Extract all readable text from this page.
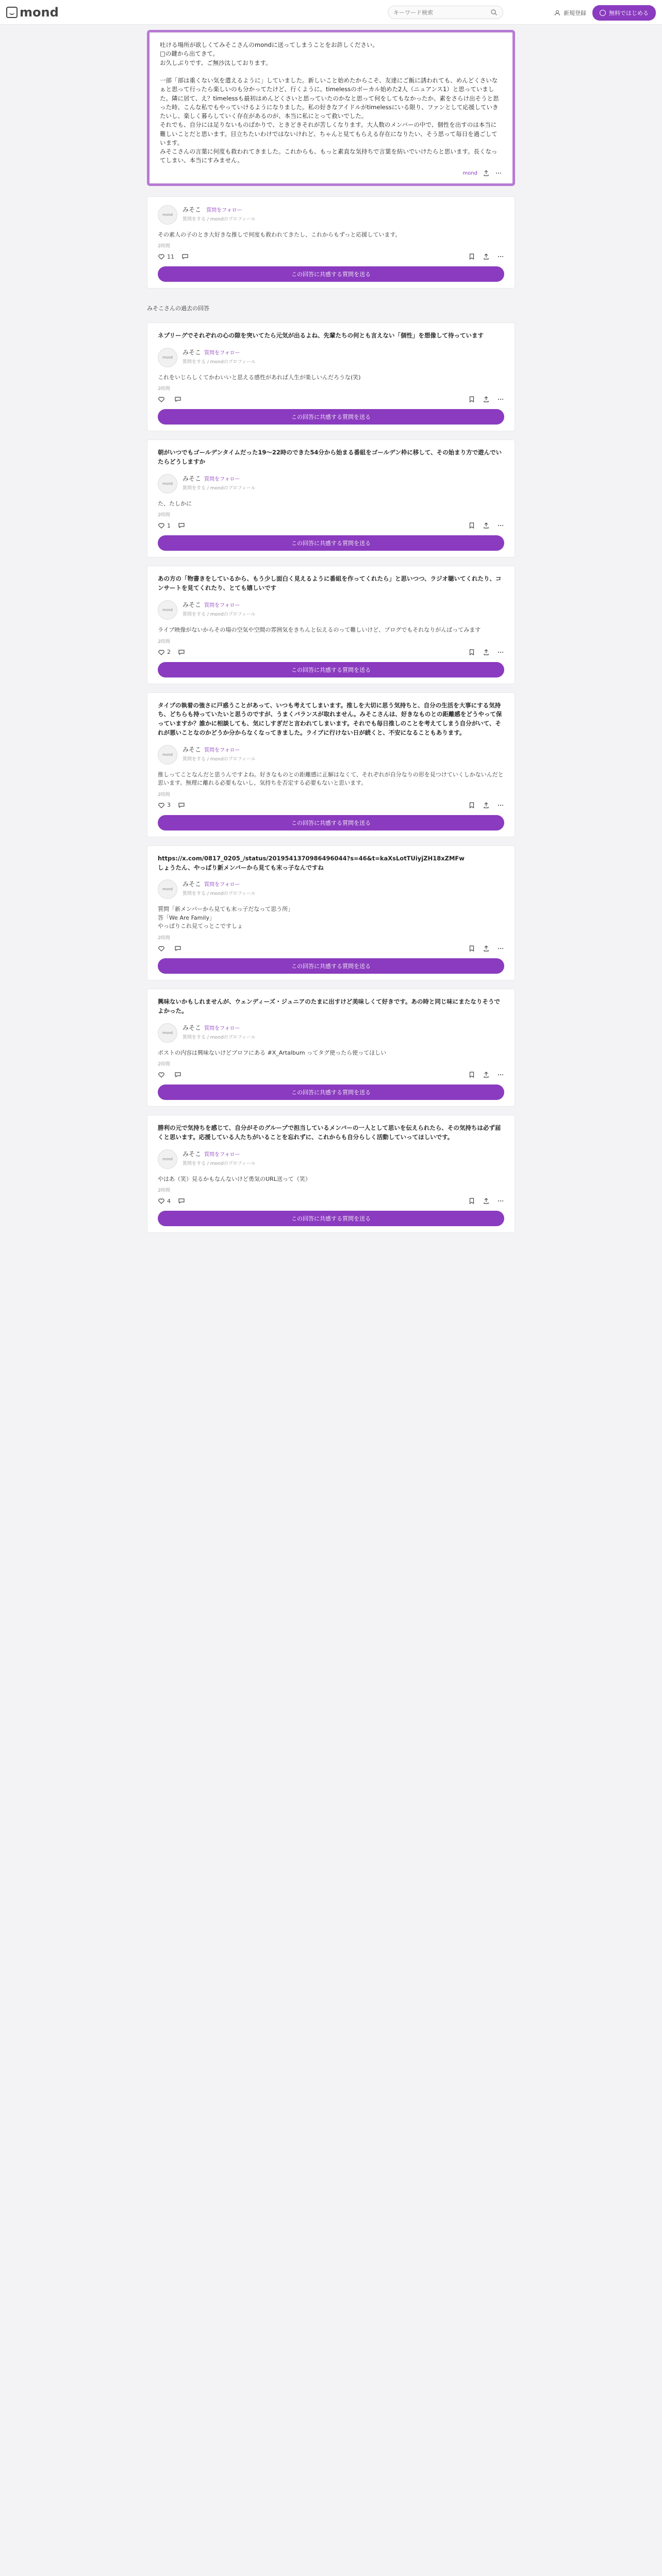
mond
キーワード検索	新規登録	無料ではじめる

吐ける場所が欲しくてみそこさんのmondに送ってしまうことをお許しください。
□の鍵から出てきて。
お久しぶりです、ご無沙汰しております。

一部「部は重くない気を遣えるように」していました。新しいこと始めたからこそ、友達にご飯に誘われても、めんどくさいなぁと思って行ったら楽しいのも分かってたけど、行くように。timelessのボーカル始めた2人（ニュアンス1）と思っていました。隣に居て、え？timelessも最初はめんどくさいと思っていたのかなと思って何をしてもなかったか、素をさらけ出そうと思った時、こんな私でもやっていけるようになりました。私の好きなアイドルがtimelessにいる限り、ファンとして応援していきたいし、楽しく暮らしていく存在があるのが、本当に私にとって救いでした。
それでも、自分には足りないものばかりで、ときどきそれが苦しくなります。大人数のメンバーの中で、個性を出すのは本当に難しいことだと思います。目立ちたいわけではないけれど、ちゃんと見てもらえる存在になりたい、そう思って毎日を過ごしています。
みそこさんの言葉に何度も救われてきました。これからも、もっと素直な気持ちで言葉を紡いでいけたらと思います。長くなってしまい、本当にすみません。

mond
mond
みそこ 質問をフォロー
質問をする / mondのプロフィール
その素人の子のとき大好きな推しで何度も救われてきたし、これからもずっと応援しています。
2時間
11
この回答に共感する質問を送る
みそこさんの過去の回答
ネプリーグでそれぞれの心の隙を突いてたら元気が出るよね、先輩たちの何とも言えない「個性」を想像して待っています
mond
みそこ 質問をフォロー
質問をする / mondのプロフィール
これをいじらしくてかわいいと思える感性があれば人生が楽しいんだろうな(笑)
2時間
この回答に共感する質問を送る
朝がいつでもゴールデンタイムだった19〜22時のできた54分から始まる番組をゴールデン枠に移して、その始まり方で遊んでいたらどうしますか
mond
みそこ 質問をフォロー
質問をする / mondのプロフィール
た、たしかに
2時間
1
この回答に共感する質問を送る
あの方の「物書きをしているから、もう少し面白く見えるように番組を作ってくれたら」と思いつつ、ラジオ聴いてくれたり、コンサートを見てくれたり、とても嬉しいです
mond
みそこ 質問をフォロー
質問をする / mondのプロフィール
ライブ映像がないからその場の空気や空間の雰囲気をきちんと伝えるのって難しいけど、ブログでもそれなりがんばってみます
2時間
2
この回答に共感する質問を送る
タイプの執着の強さに戸惑うことがあって、いつも考えてしまいます。推しを大切に思う気持ちと、自分の生活を大事にする気持ち、どちらも持っていたいと思うのですが、うまくバランスが取れません。みそこさんは、好きなものとの距離感をどうやって保っていますか？誰かに相談しても、気にしすぎだと言われてしまいます。それでも毎日推しのことを考えてしまう自分がいて、それが悪いことなのかどうか分からなくなってきました。ライブに行けない日が続くと、不安になることもあります。
mond
みそこ 質問をフォロー
質問をする / mondのプロフィール
推しってことなんだと思うんですよね。好きなものとの距離感に正解はなくて、それぞれが自分なりの形を見つけていくしかないんだと思います。無理に離れる必要もないし、気持ちを否定する必要もないと思います。
2時間
3
この回答に共感する質問を送る
https://x.com/0817_0205_/status/2019541370986496044?s=46&t=kaXsLotTUiyjZH18xZMFw
しょうたん、やっぱり新メンバーから見ても末っ子なんですね
mond
みそこ 質問をフォロー
質問をする / mondのプロフィール
質問「新メンバーから見ても末っ子だなって思う所」
答「We Are Family」
やっぱりこれ見てっとこですしょ
2時間
この回答に共感する質問を送る
興味ないかもしれませんが、ウェンディーズ・ジュニアのたまに出すけど美味しくて好きです。あの時と同じ味にまたなりそうでよかった。
mond
みそこ 質問をフォロー
質問をする / mondのプロフィール
ポストの内容は興味ないけどブロフにある #X_Artalbum ってタグ使ったら使ってほしい
2時間
この回答に共感する質問を送る
勝利の元で気持ちを感じて、自分がそのグループで担当しているメンバーの一人として思いを伝えられたら、その気持ちは必ず届くと思います。応援している人たちがいることを忘れずに、これからも自分らしく活動していってほしいです。
mond
みそこ 質問をフォロー
質問をする / mondのプロフィール
やはあ（笑）見るかもなんないけど勇気のURL送って（笑）
2時間
4
この回答に共感する質問を送る
